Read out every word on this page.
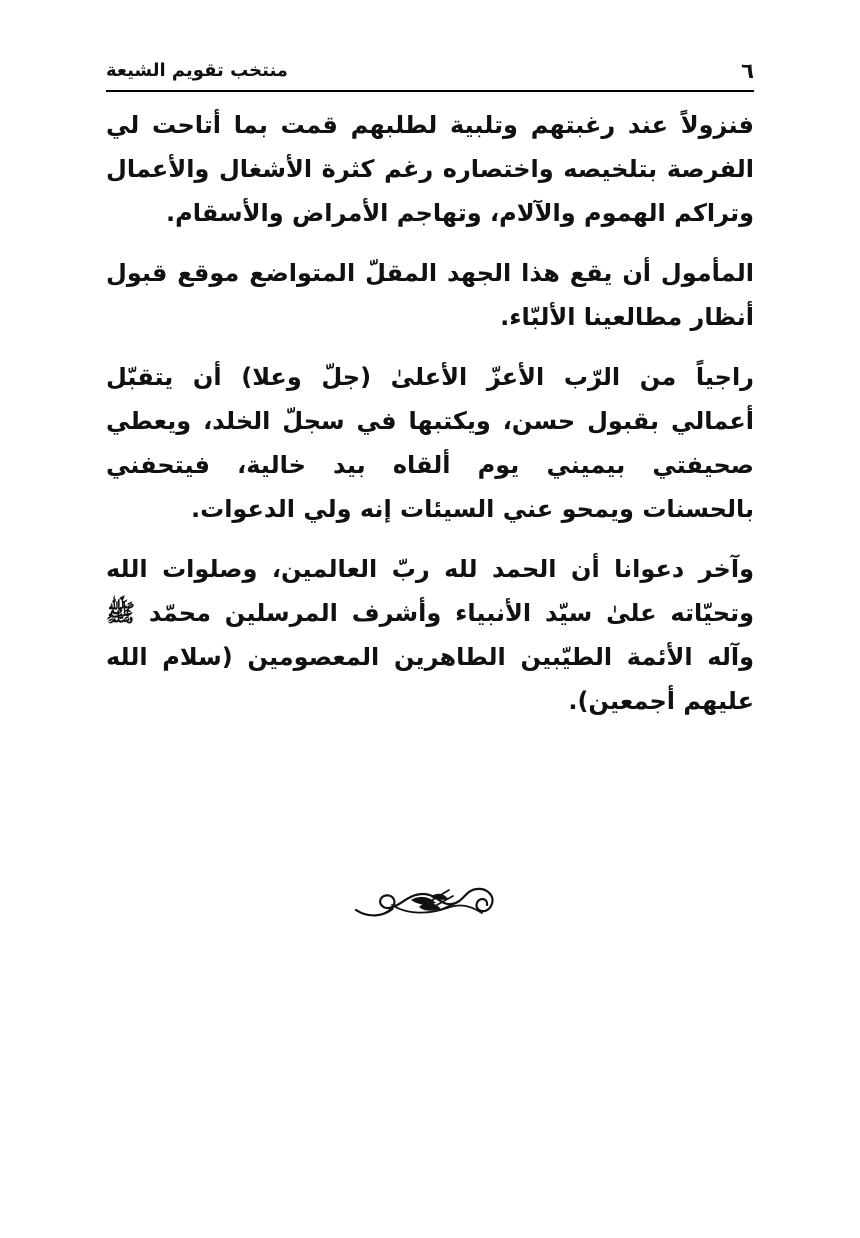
٦
منتخب تقويم الشيعة

فنزولاً عند رغبتهم وتلبية لطلبهم قمت بما أتاحت لي الفرصة بتلخيصه واختصاره رغم كثرة الأشغال والأعمال وتراكم الهموم والآلام، وتهاجم الأمراض والأسقام.

المأمول أن يقع هذا الجهد المقلّ المتواضع موقع قبول أنظار مطالعينا الألبّاء.

راجياً من الرّب الأعزّ الأعلىٰ (جلّ وعلا) أن يتقبّل أعمالي بقبول حسن، ويكتبها في سجلّ الخلد، ويعطي صحيفتي بيميني يوم ألقاه بيد خالية، فيتحفني بالحسنات ويمحو عني السيئات إنه ولي الدعوات.

وآخر دعوانا أن الحمد لله ربّ العالمين، وصلوات الله وتحيّاته علىٰ سيّد الأنبياء وأشرف المرسلين محمّد ﷺ وآله الأئمة الطيّبين الطاهرين المعصومين (سلام الله عليهم أجمعين).
